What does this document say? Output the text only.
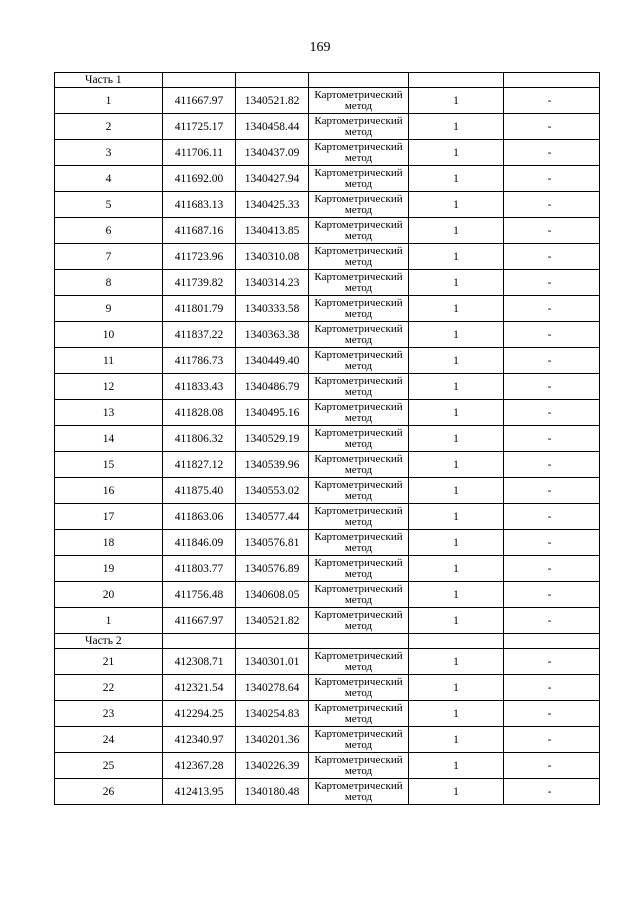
169
Часть 1					
1	411667.97	1340521.82	Картометрический метод	1	-
2	411725.17	1340458.44	Картометрический метод	1	-
3	411706.11	1340437.09	Картометрический метод	1	-
4	411692.00	1340427.94	Картометрический метод	1	-
5	411683.13	1340425.33	Картометрический метод	1	-
6	411687.16	1340413.85	Картометрический метод	1	-
7	411723.96	1340310.08	Картометрический метод	1	-
8	411739.82	1340314.23	Картометрический метод	1	-
9	411801.79	1340333.58	Картометрический метод	1	-
10	411837.22	1340363.38	Картометрический метод	1	-
11	411786.73	1340449.40	Картометрический метод	1	-
12	411833.43	1340486.79	Картометрический метод	1	-
13	411828.08	1340495.16	Картометрический метод	1	-
14	411806.32	1340529.19	Картометрический метод	1	-
15	411827.12	1340539.96	Картометрический метод	1	-
16	411875.40	1340553.02	Картометрический метод	1	-
17	411863.06	1340577.44	Картометрический метод	1	-
18	411846.09	1340576.81	Картометрический метод	1	-
19	411803.77	1340576.89	Картометрический метод	1	-
20	411756.48	1340608.05	Картометрический метод	1	-
1	411667.97	1340521.82	Картометрический метод	1	-
Часть 2					
21	412308.71	1340301.01	Картометрический метод	1	-
22	412321.54	1340278.64	Картометрический метод	1	-
23	412294.25	1340254.83	Картометрический метод	1	-
24	412340.97	1340201.36	Картометрический метод	1	-
25	412367.28	1340226.39	Картометрический метод	1	-
26	412413.95	1340180.48	Картометрический метод	1	-
